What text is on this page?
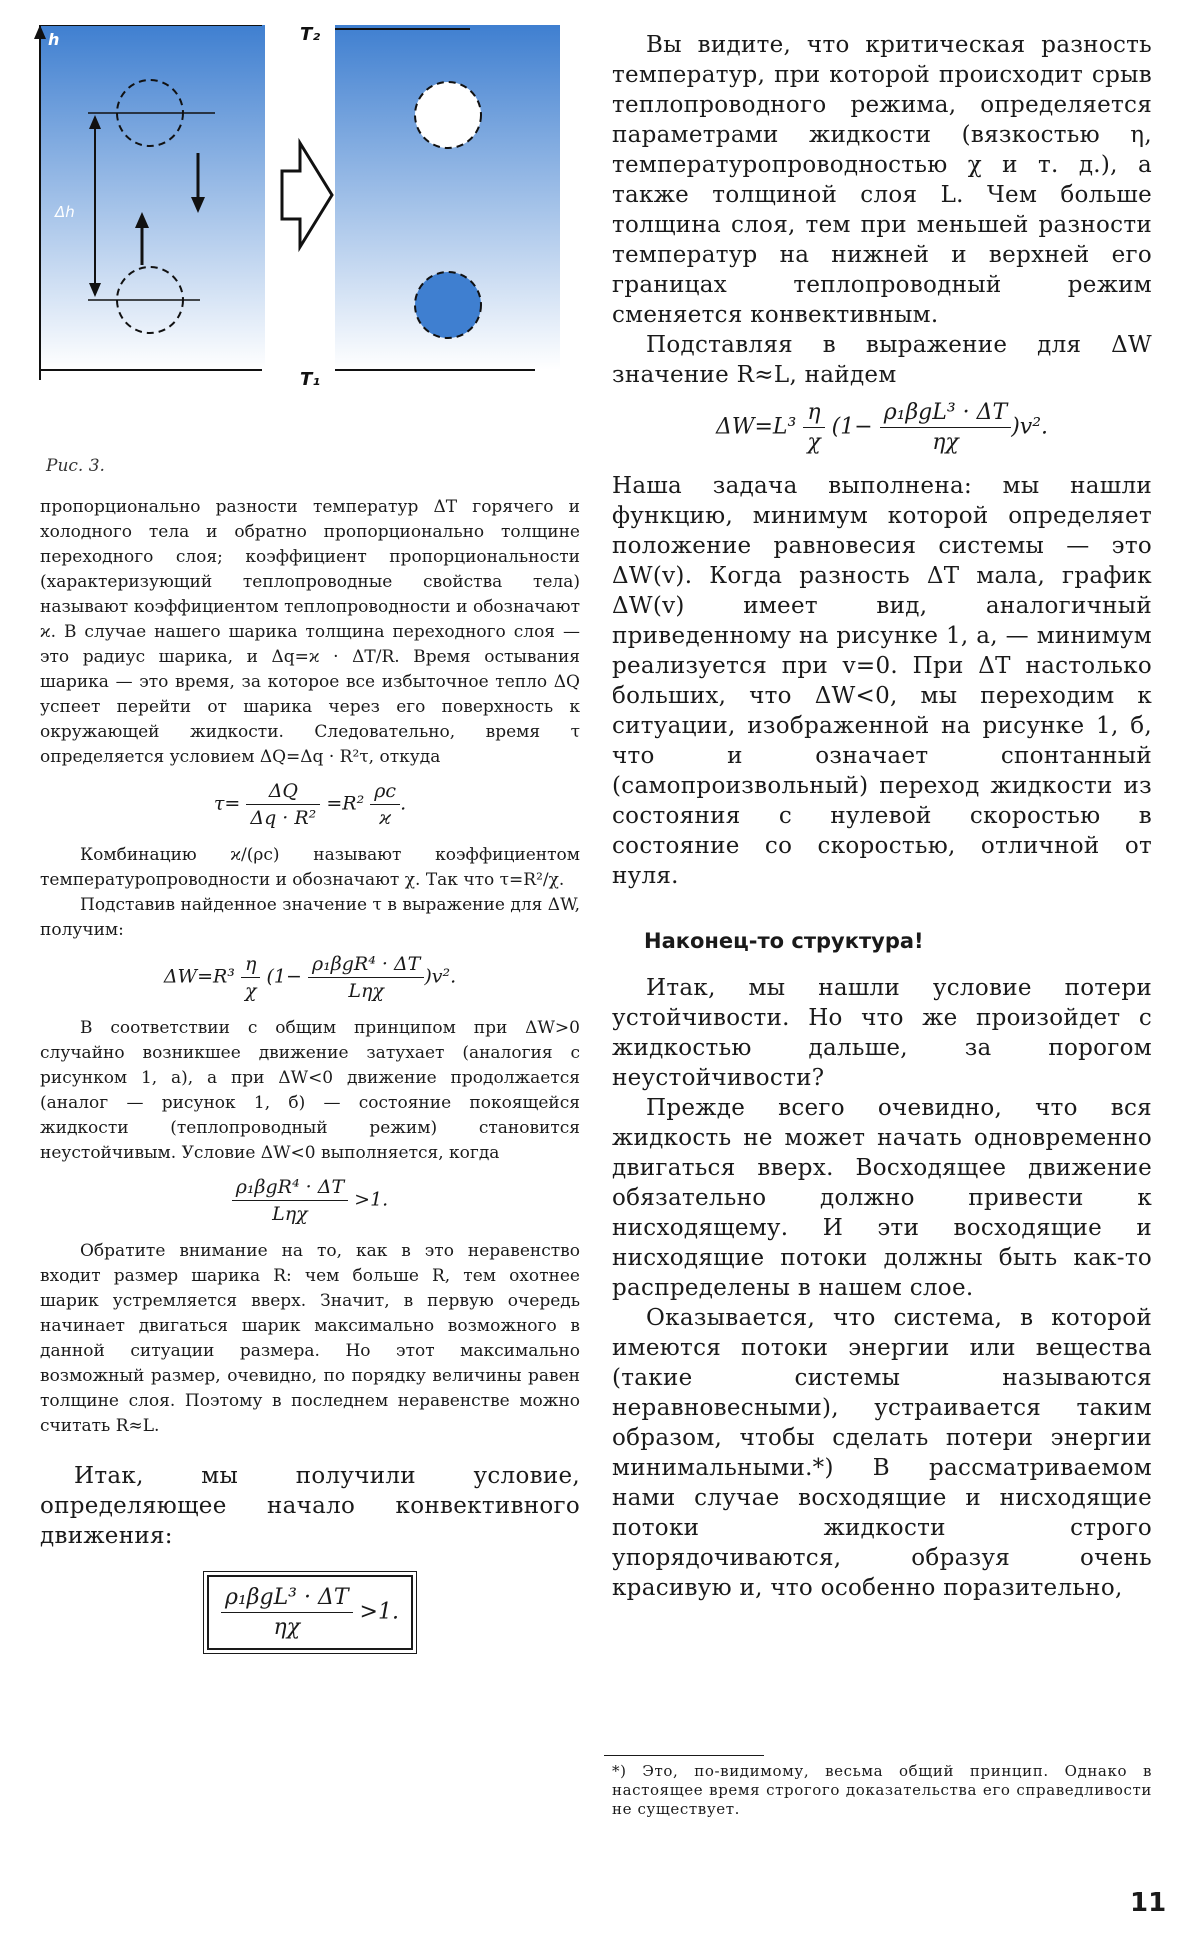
h
Δh
T₂
T₁
Рис. 3.

пропорционально разности температур ΔT горячего и холодного тела и обратно пропорционально толщине переходного слоя; коэффициент пропорциональности (характеризующий теплопроводные свойства тела) называют коэффициентом теплопроводности и обозначают ϰ. В случае нашего шарика толщина переходного слоя — это радиус шарика, и Δq=ϰ · ΔT/R. Время остывания шарика — это время, за которое все избыточное тепло ΔQ успеет перейти от шарика через его поверхность к окружающей жидкости. Следовательно, время τ определяется условием ΔQ=Δq · R²τ, откуда

$\tau= \frac{\Delta Q}{\text{Δq · R²}} =R^2 \frac{\rho c}{ϰ}$ .

Комбинацию ϰ/(ρc) называют коэффициентом температуропроводности и обозначают χ. Так что τ=R²/χ.

Подставив найденное значение τ в выражение для ΔW, получим:

$\Delta W=R^3 \frac{\eta}{\chi} (1- \frac{\text{ρ₁βgR⁴ · ΔT}}{\text{Lηχ}} )v^2$.

В соответствии с общим принципом при ΔW>0 случайно возникшее движение затухает (аналогия с рисунком 1, а), а при ΔW<0 движение продолжается (аналог — рисунок 1, б) — состояние покоящейся жидкости (теплопроводный режим) становится неустойчивым. Условие ΔW<0 выполняется, когда

$\frac{\text{ρ₁βgR⁴ · ΔT}}{\text{Lηχ}} >1$.

Обратите внимание на то, как в это неравенство входит размер шарика R: чем больше R, тем охотнее шарик устремляется вверх. Значит, в первую очередь начинает двигаться шарик максимально возможного в данной ситуации размера. Но этот максимально возможный размер, очевидно, по порядку величины равен толщине слоя. Поэтому в последнем неравенстве можно считать R≈L.

Итак, мы получили условие, определяющее начало конвективного движения:

$\frac{\text{ρ₁βgL³ · ΔT}}{\eta\chi} >1$.

Вы видите, что критическая разность температур, при которой происходит срыв теплопроводного режима, определяется параметрами жидкости (вязкостью η, температуропроводностью χ и т. д.), а также толщиной слоя L. Чем больше толщина слоя, тем при меньшей разности температур на нижней и верхней его границах теплопроводный режим сменяется конвективным.

Подставляя в выражение для ΔW значение R≈L, найдем

$\Delta W=L^3 \frac{\eta}{\chi} (1- \frac{\text{ρ₁βgL³ · ΔT}}{\eta\chi} )v^2$.

Наша задача выполнена: мы нашли функцию, минимум которой определяет положение равновесия системы — это ΔW(v). Когда разность ΔT мала, график ΔW(v) имеет вид, аналогичный приведенному на рисунке 1, а, — минимум реализуется при v=0. При ΔT настолько больших, что ΔW<0, мы переходим к ситуации, изображенной на рисунке 1, б, что и означает спонтанный (самопроизвольный) переход жидкости из состояния с нулевой скоростью в состояние со скоростью, отличной от нуля.

Наконец-то структура!

Итак, мы нашли условие потери устойчивости. Но что же произойдет с жидкостью дальше, за порогом неустойчивости?

Прежде всего очевидно, что вся жидкость не может начать одновременно двигаться вверх. Восходящее движение обязательно должно привести к нисходящему. И эти восходящие и нисходящие потоки должны быть как-то распределены в нашем слое.

Оказывается, что система, в которой имеются потоки энергии или вещества (такие системы называются неравновесными), устраивается таким образом, чтобы сделать потери энергии минимальными.*) В рассматриваемом нами случае восходящие и нисходящие потоки жидкости строго упорядочиваются, образуя очень красивую и, что особенно поразительно,

*) Это, по-видимому, весьма общий принцип. Однако в настоящее время строгого доказательства его справедливости не существует.
11
